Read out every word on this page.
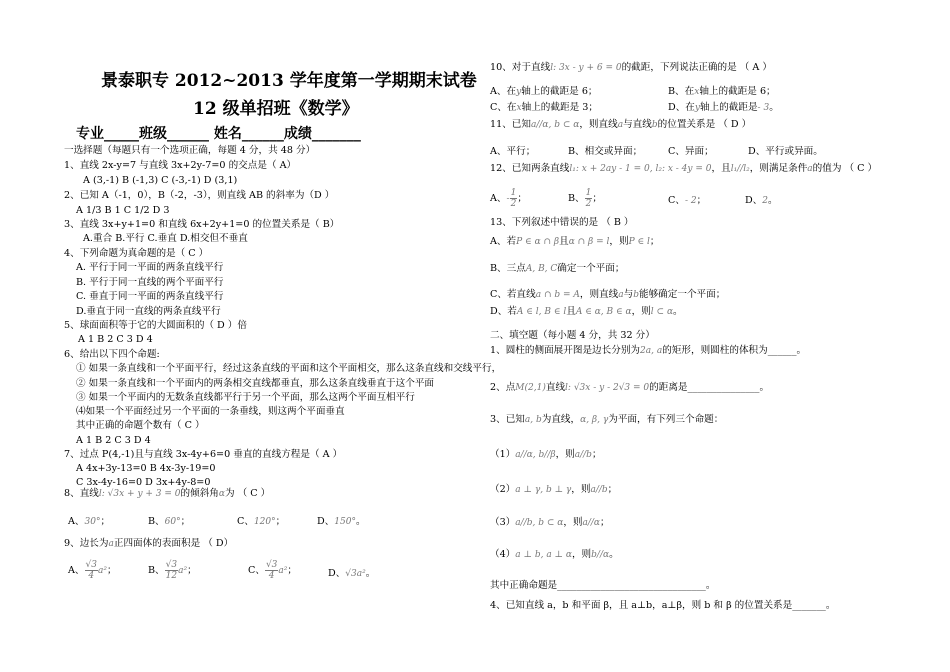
景泰职专 2012~2013 学年度第一学期期末试卷
12 级单招班《数学》
专业_____班级______ 姓名______成绩_______
一选择题（每题只有一个选项正确，每题 4 分，共 48 分）
1、直线 2x-y=7 与直线 3x+2y-7=0 的交点是（ A）
A (3,-1) B (-1,3) C (-3,-1) D (3,1)
2、已知 A（-1，0），B（-2，-3），则直线 AB 的斜率为（D ）
A 1/3 B 1 C 1/2 D 3
3、直线 3x+y+1=0 和直线 6x+2y+1=0 的位置关系是（ B）
A.重合 B.平行 C.垂直 D.相交但不垂直
4、下列命题为真命题的是（ C ）
A. 平行于同一平面的两条直线平行
B. 平行于同一直线的两个平面平行
C. 垂直于同一平面的两条直线平行
D.垂直于同一直线的两条直线平行
5、球面面积等于它的大圆面积的（ D ）倍
A 1 B 2 C 3 D 4
6、给出以下四个命题:
① 如果一条直线和一个平面平行，经过这条直线的平面和这个平面相交，那么这条直线和交线平行，
② 如果一条直线和一个平面内的两条相交直线都垂直，那么这条直线垂直于这个平面
③ 如果一个平面内的无数条直线都平行于另一个平面，那么这两个平面互相平行
⑷如果一个平面经过另一个平面的一条垂线，则这两个平面垂直
其中正确的命题个数有（ C ）
A 1 B 2 C 3 D 4
7、过点 P(4,-1)且与直线 3x-4y+6=0 垂直的直线方程是（ A ）
A 4x+3y-13=0 B 4x-3y-19=0
C 3x-4y-16=0 D 3x+4y-8=0
8、直线l: √3x + y + 3 = 0的倾斜角α为 （ C ）
A、30°；	B、60°；	C、120°；	D、150°。
9、边长为a正四面体的表面积是 （ D）
A、 $\frac{√3}{4} a^2$；	B、 $\frac{√3}{12} a^2$；	C、 $\frac{√3}{4} a^2$；	D、√3a²。
10、对于直线l: 3x - y + 6 = 0的截距，下列说法正确的是 （ A ）
A、在y轴上的截距是 6；	B、在x轴上的截距是 6；
C、在x轴上的截距是 3；	D、在y轴上的截距是- 3。
11、已知a//α, b ⊂ α，则直线a与直线b的位置关系是 （ D ）
A、平行；	B、相交或异面；	C、异面；	D、平行或异面。
12、已知两条直线l₁: x + 2ay - 1 = 0, l₂: x - 4y = 0，且l₁//l₂，则满足条件a的值为 （ C ）
A、- $\frac{1}{2}$ ；	B、 $\frac{1}{2}$ ；	C、- 2；	D、2。
13、下列叙述中错误的是 （ B ）
A、若P ∈ α ∩ β且α ∩ β = l，则P ∈ l；
B、三点A, B, C确定一个平面；
C、若直线a ∩ b = A，则直线a与b能够确定一个平面；
D、若A ∈ l, B ∈ l且A ∈ α, B ∈ α，则l ⊂ α。
二、填空题（每小题 4 分，共 32 分）
1、圆柱的侧面展开图是边长分别为2a, a的矩形，则圆柱的体积为______。
2、点M(2,1)直线l: √3x - y - 2√3 = 0的距离是_______________。
3、已知a, b为直线，α, β, γ为平面，有下列三个命题：
（1）a//α, b//β，则a//b；
（2）a ⊥ γ, b ⊥ γ，则a//b；
（3）a//b, b ⊂ α，则a//α；
（4）a ⊥ b, a ⊥ α，则b//α。
其中正确命题是_______________________________。
4、已知直线 a，b 和平面 β，且 a⊥b，a⊥β，则 b 和 β 的位置关系是_______。
